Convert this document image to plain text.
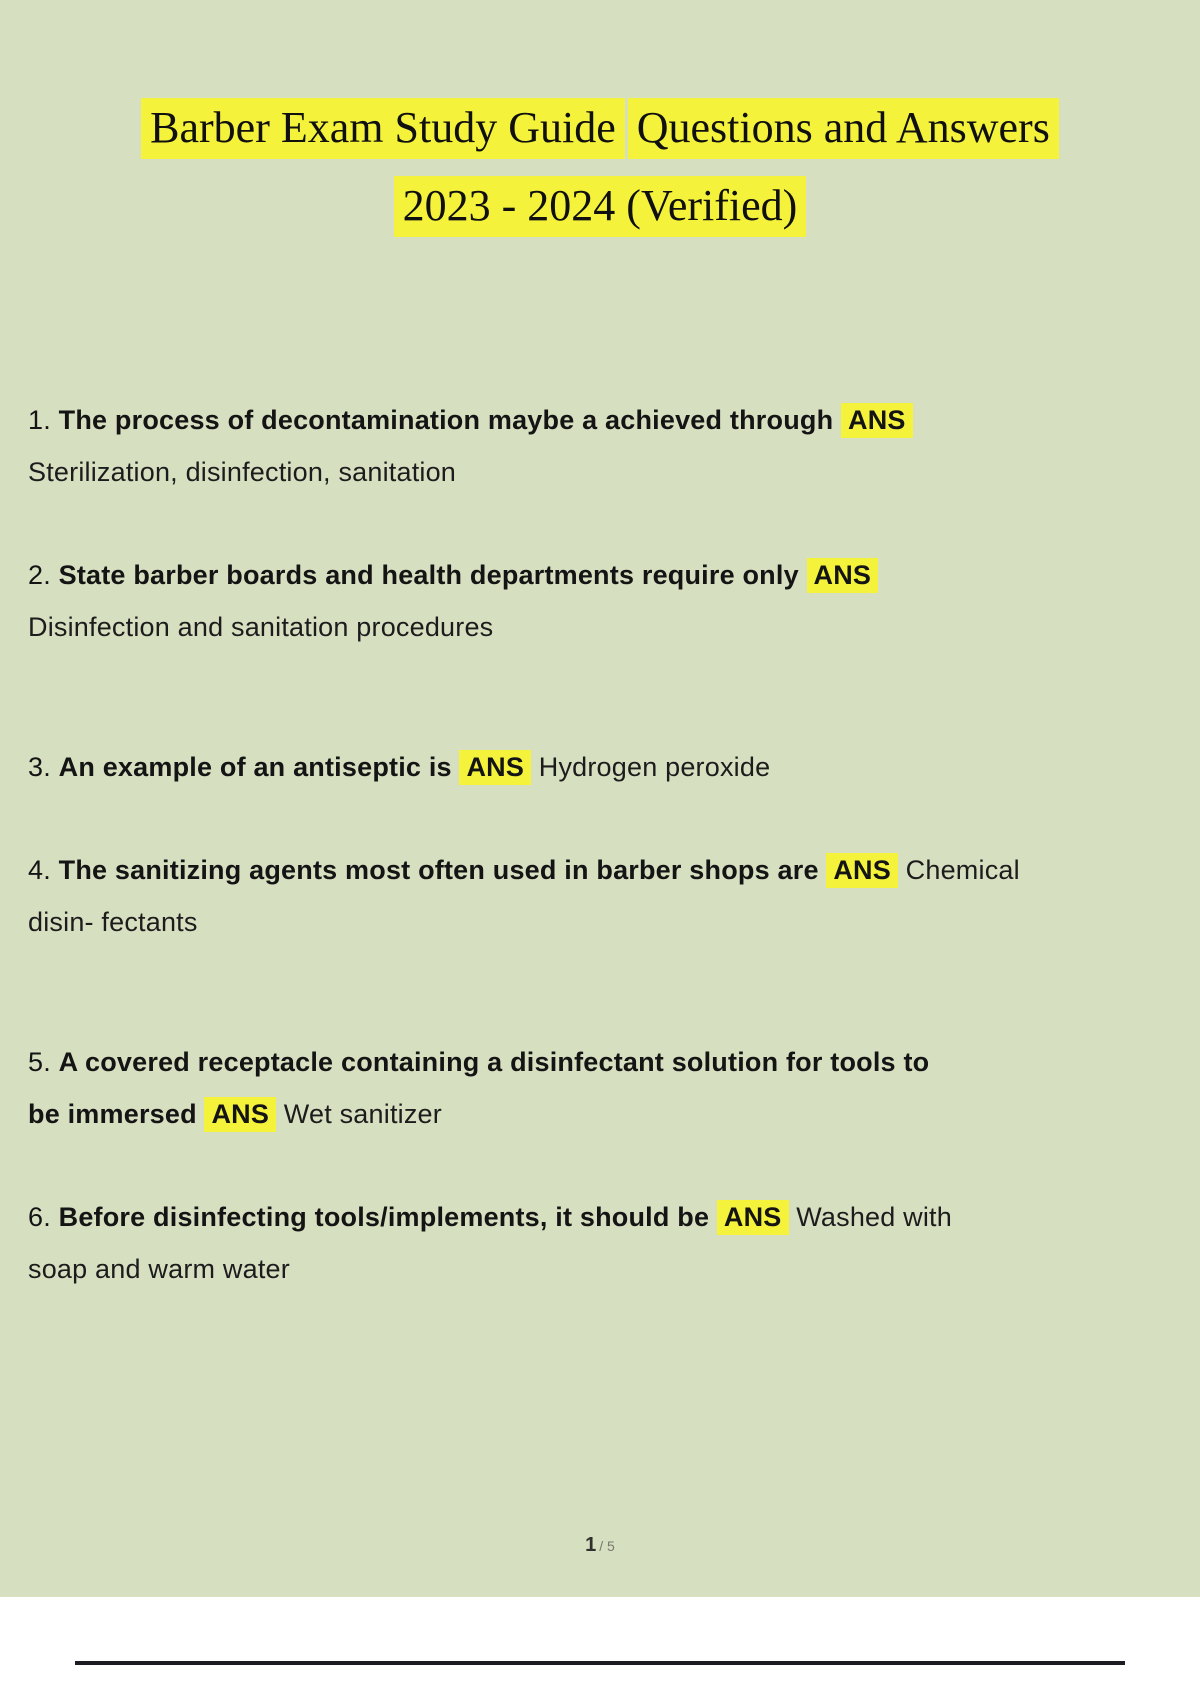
Barber Exam Study Guide Questions and Answers
2023 - 2024 (Verified)
1. The process of decontamination maybe a achieved through ANS
Sterilization, disinfection, sanitation
2. State barber boards and health departments require only ANS
Disinfection and sanitation procedures
3. An example of an antiseptic is ANS Hydrogen peroxide
4. The sanitizing agents most often used in barber shops are ANS Chemical
disin- fectants
5. A covered receptacle containing a disinfectant solution for tools to
be immersed ANS Wet sanitizer
6. Before disinfecting tools/implements, it should be ANS Washed with
soap and warm water
1 / 5
